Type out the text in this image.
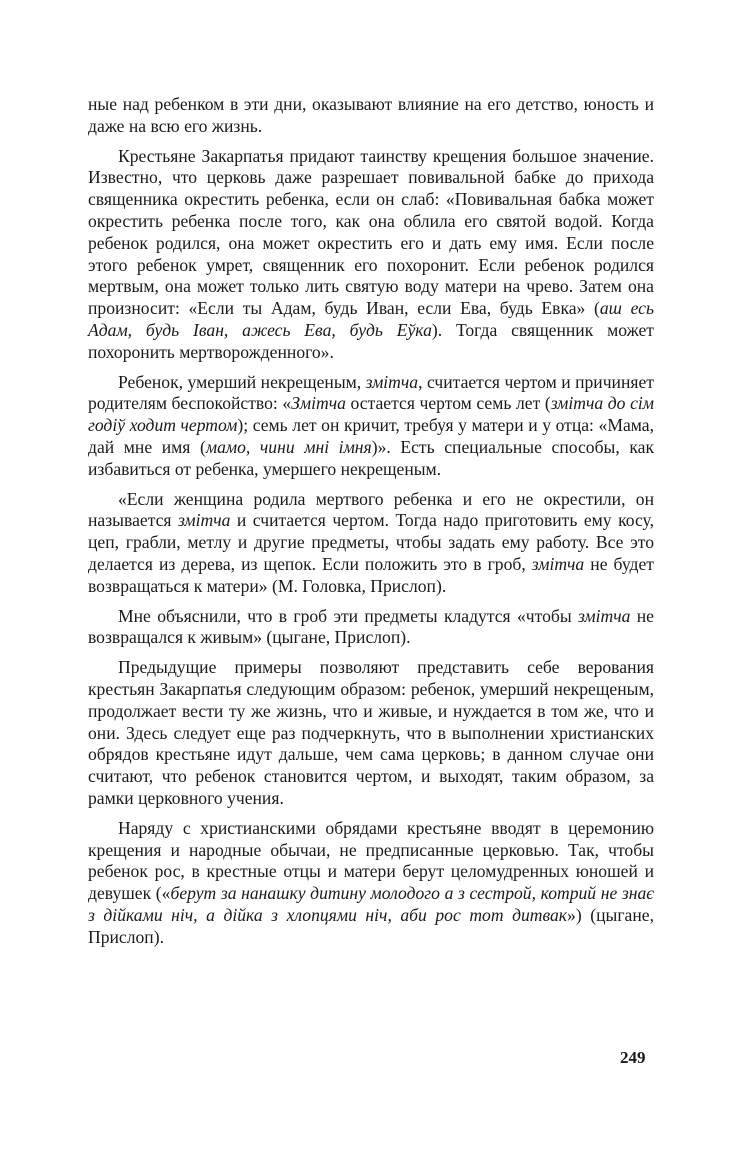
ные над ребенком в эти дни, оказывают влияние на его детство, юность и даже на всю его жизнь.

Крестьяне Закарпатья придают таинству крещения большое значение. Известно, что церковь даже разрешает повивальной бабке до прихода священника окрестить ребенка, если он слаб: «Повивальная бабка может окрестить ребенка после того, как она облила его святой водой. Когда ребенок родился, она может окрестить его и дать ему имя. Если после этого ребенок умрет, священник его похоронит. Если ребенок родился мертвым, она может только лить святую воду матери на чрево. Затем она произносит: «Если ты Адам, будь Иван, если Ева, будь Евка» (аш есь Адам, будь Іван, ажесь Ева, будь Еўка). Тогда священник может похоронить мертворожденного».

Ребенок, умерший некрещеным, змітча, считается чертом и причиняет родителям беспокойство: «Змітча остается чертом семь лет (змітча до сім годіў ходит чертом); семь лет он кричит, требуя у матери и у отца: «Мама, дай мне имя (мамо, чини мні імня)». Есть специальные способы, как избавиться от ребенка, умершего некрещеным.

«Если женщина родила мертвого ребенка и его не окрестили, он называется змітча и считается чертом. Тогда надо приготовить ему косу, цеп, грабли, метлу и другие предметы, чтобы задать ему работу. Все это делается из дерева, из щепок. Если положить это в гроб, змітча не будет возвращаться к матери» (М. Головка, Прислоп).

Мне объяснили, что в гроб эти предметы кладутся «чтобы змітча не возвращался к живым» (цыгане, Прислоп).

Предыдущие примеры позволяют представить себе верования крестьян Закарпатья следующим образом: ребенок, умерший некрещеным, продолжает вести ту же жизнь, что и живые, и нуждается в том же, что и они. Здесь следует еще раз подчеркнуть, что в выполнении христианских обрядов крестьяне идут дальше, чем сама церковь; в данном случае они считают, что ребенок становится чертом, и выходят, таким образом, за рамки церковного учения.

Наряду с христианскими обрядами крестьяне вводят в церемонию крещения и народные обычаи, не предписанные церковью. Так, чтобы ребенок рос, в крестные отцы и матери берут целомудренных юношей и девушек («берут за нанашку дитину молодого а з сестрой, котрий не знає з дійками ніч, а дійка з хлопцями ніч, аби рос тот дитвак») (цыгане, Прислоп).

249
